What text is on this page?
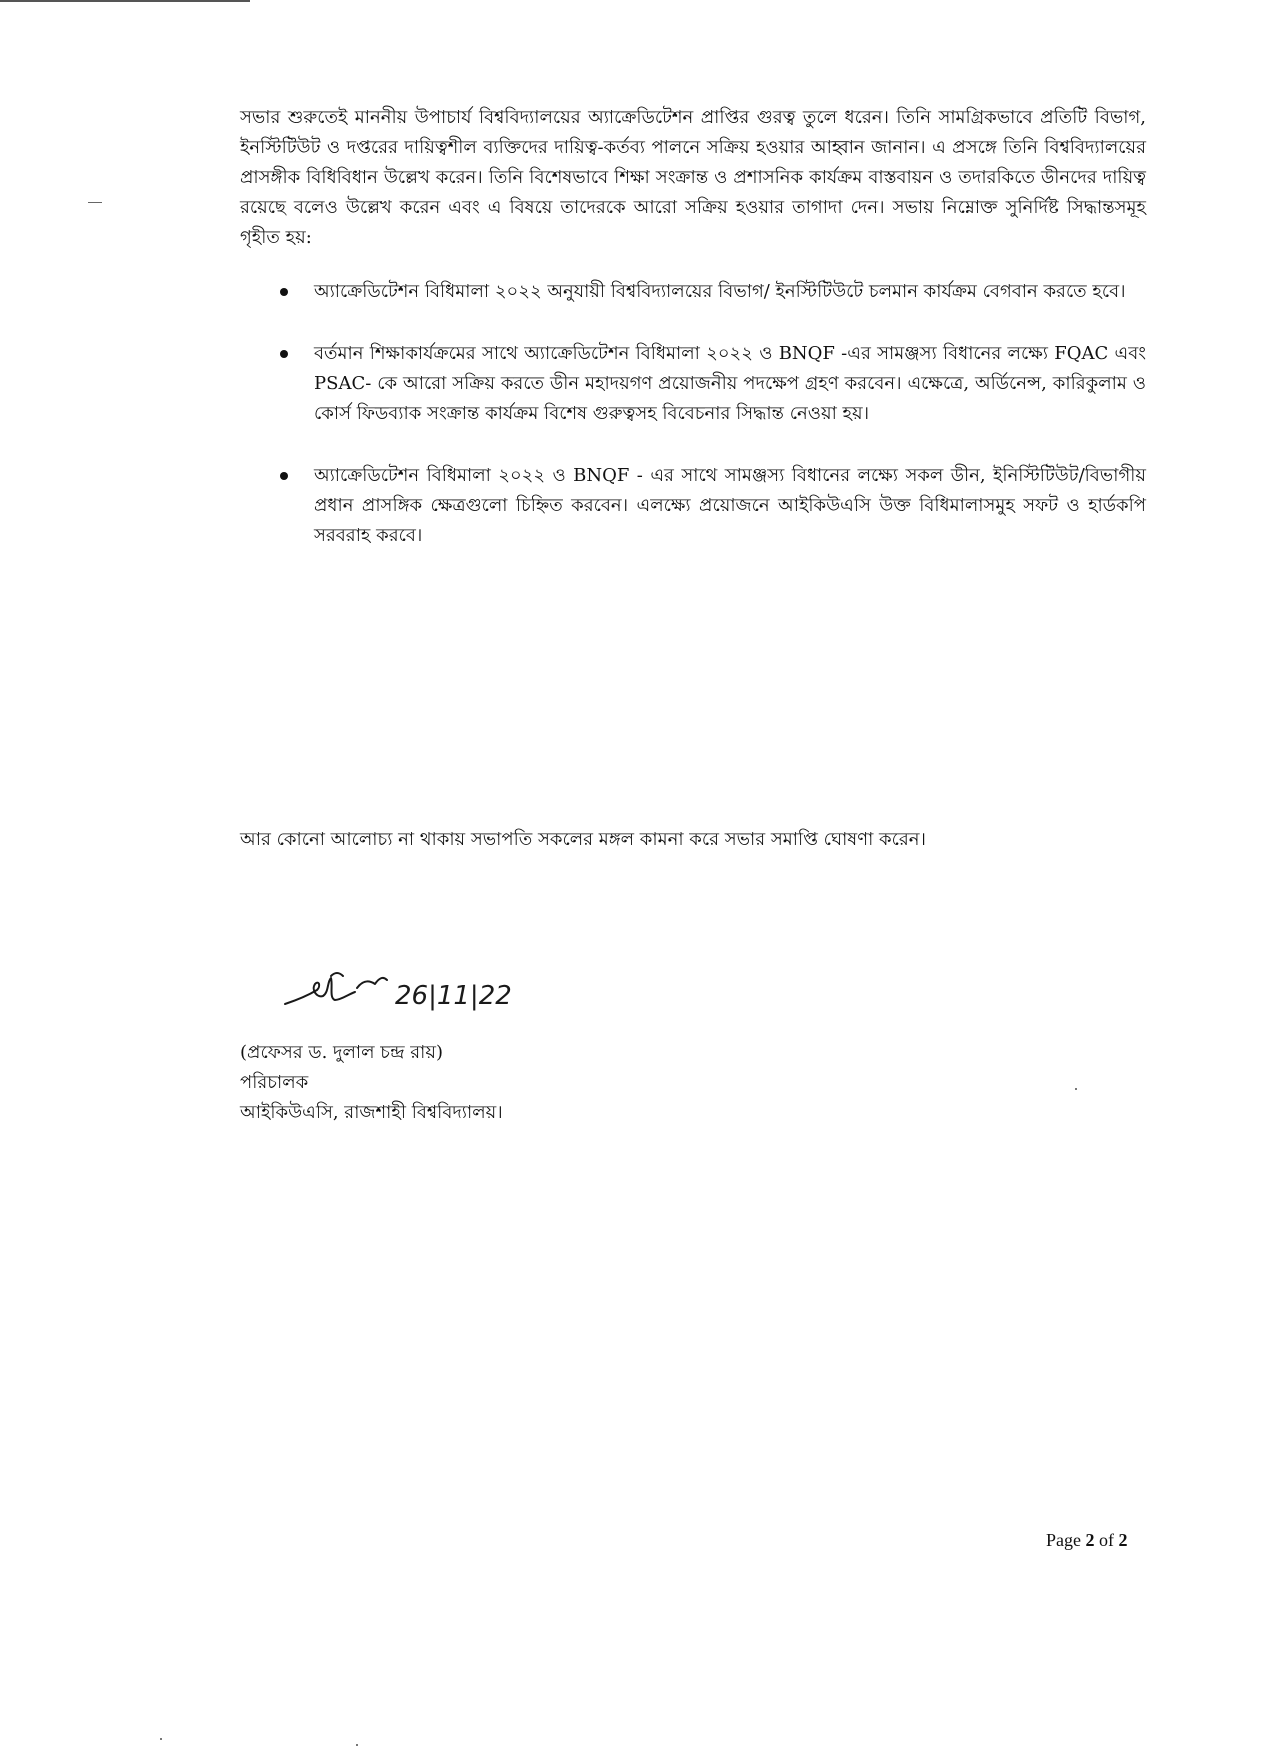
সভার শুরুতেই মাননীয় উপাচার্য বিশ্ববিদ্যালয়ের অ্যাক্রেডিটেশন প্রাপ্তির গুরত্ব তুলে ধরেন। তিনি সামগ্রিকভাবে প্রতিটি বিভাগ, ইনস্টিটিউট ও দপ্তরের দায়িত্বশীল ব্যক্তিদের দায়িত্ব-কর্তব্য পালনে সক্রিয় হওয়ার আহ্বান জানান। এ প্রসঙ্গে তিনি বিশ্ববিদ্যালয়ের প্রাসঙ্গীক বিধিবিধান উল্লেখ করেন। তিনি বিশেষভাবে শিক্ষা সংক্রান্ত ও প্রশাসনিক কার্যক্রম বাস্তবায়ন ও তদারকিতে ডীনদের দায়িত্ব রয়েছে বলেও উল্লেখ করেন এবং এ বিষয়ে তাদেরকে আরো সক্রিয় হওয়ার তাগাদা দেন। সভায় নিম্নোক্ত সুনির্দিষ্ট সিদ্ধান্তসমূহ গৃহীত হয়:

অ্যাক্রেডিটেশন বিধিমালা ২০২২ অনুযায়ী বিশ্ববিদ্যালয়ের বিভাগ/ ইনস্টিটিউটে চলমান কার্যক্রম বেগবান করতে হবে।
বর্তমান শিক্ষাকার্যক্রমের সাথে অ্যাক্রেডিটেশন বিধিমালা ২০২২ ও BNQF -এর সামঞ্জস্য বিধানের লক্ষ্যে FQAC এবং PSAC- কে আরো সক্রিয় করতে ডীন মহাদয়গণ প্রয়োজনীয় পদক্ষেপ গ্রহণ করবেন। এক্ষেত্রে, অর্ডিনেন্স, কারিকুলাম ও কোর্স ফিডব্যাক সংক্রান্ত কার্যক্রম বিশেষ গুরুত্বসহ বিবেচনার সিদ্ধান্ত নেওয়া হয়।
অ্যাক্রেডিটেশন বিধিমালা ২০২২ ও BNQF - এর সাথে সামঞ্জস্য বিধানের লক্ষ্যে সকল ডীন, ইনিস্টিটিউট/বিভাগীয় প্রধান প্রাসঙ্গিক ক্ষেত্রগুলো চিহ্নিত করবেন। এলক্ষ্যে প্রয়োজনে আইকিউএসি উক্ত বিধিমালাসমুহ সফট ও হার্ডকপি সরবরাহ করবে।

আর কোনো আলোচ্য না থাকায় সভাপতি সকলের মঙ্গল কামনা করে সভার সমাপ্তি ঘোষণা করেন।

26|11|22
(প্রফেসর ড. দুলাল চন্দ্র রায়)
পরিচালক
আইকিউএসি, রাজশাহী বিশ্ববিদ্যালয়।
Page 2 of 2
